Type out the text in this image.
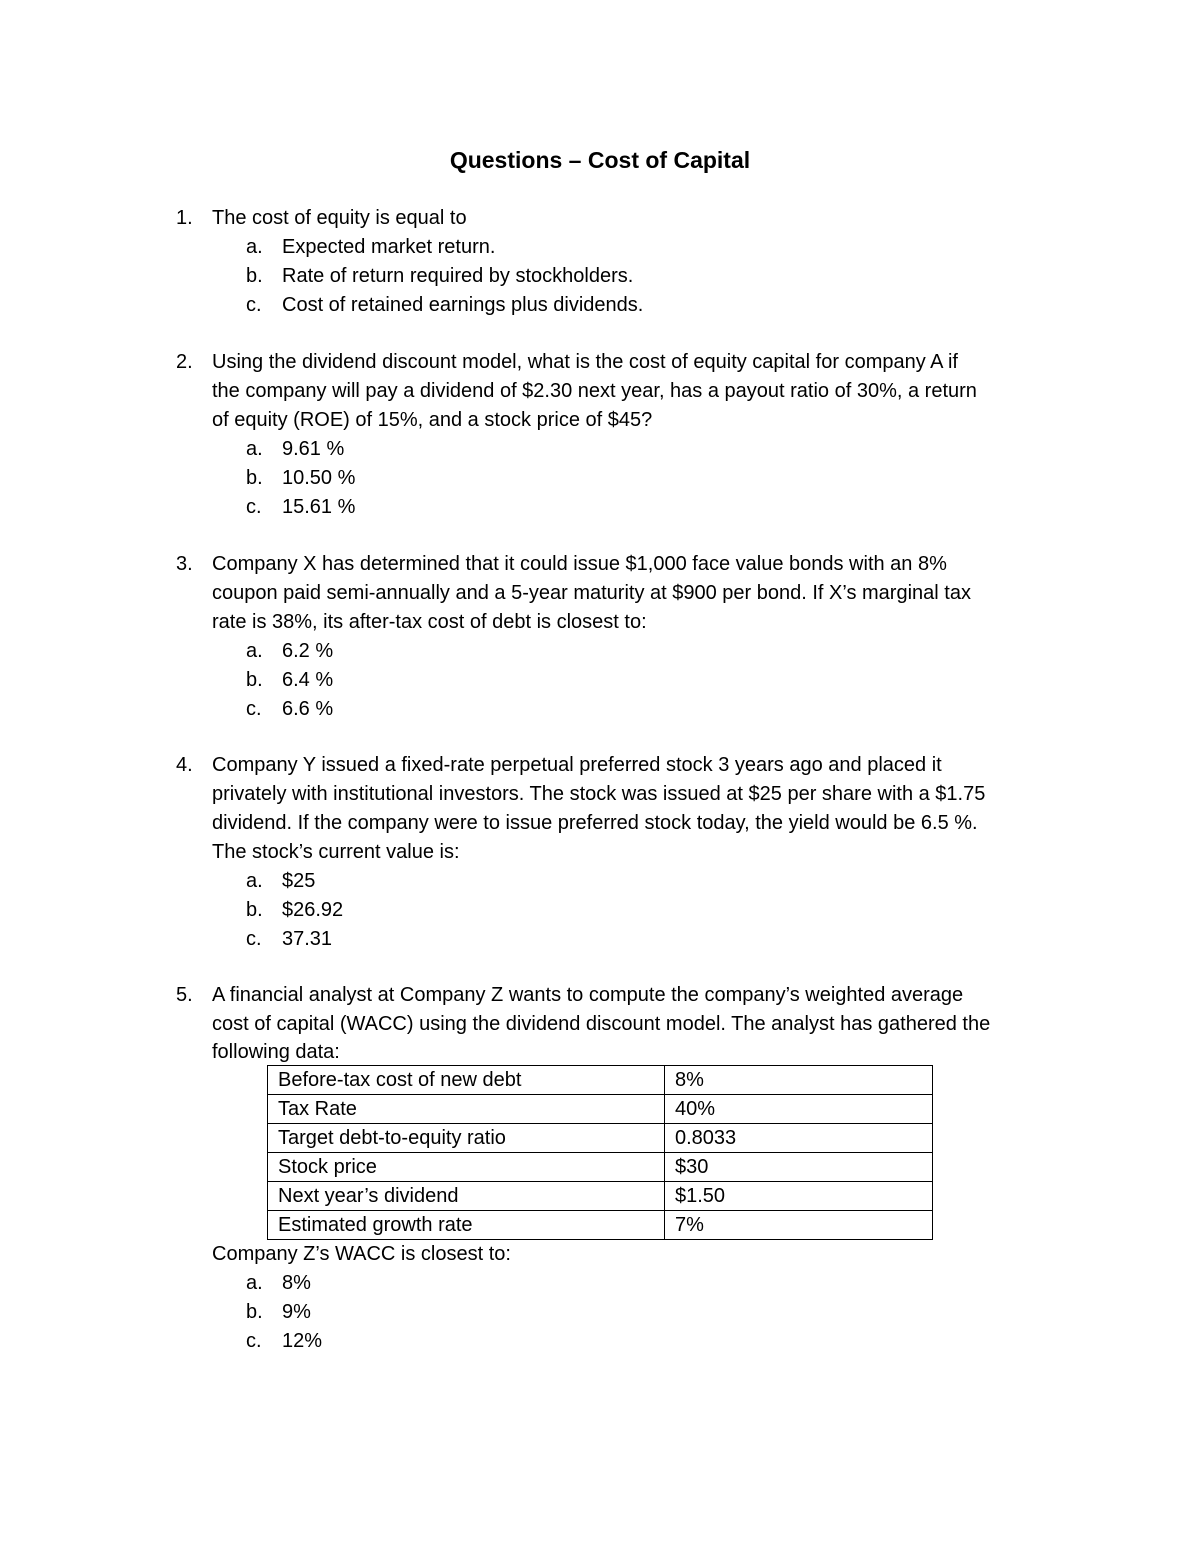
Questions – Cost of Capital
1. The cost of equity is equal to
a. Expected market return.
b. Rate of return required by stockholders.
c. Cost of retained earnings plus dividends.
2. Using the dividend discount model, what is the cost of equity capital for company A if
the company will pay a dividend of $2.30 next year, has a payout ratio of 30%, a return
of equity (ROE) of 15%, and a stock price of $45?
a. 9.61 %
b. 10.50 %
c. 15.61 %
3. Company X has determined that it could issue $1,000 face value bonds with an 8%
coupon paid semi-annually and a 5-year maturity at $900 per bond. If X’s marginal tax
rate is 38%, its after-tax cost of debt is closest to:
a. 6.2 %
b. 6.4 %
c. 6.6 %
4. Company Y issued a fixed-rate perpetual preferred stock 3 years ago and placed it
privately with institutional investors. The stock was issued at $25 per share with a $1.75
dividend. If the company were to issue preferred stock today, the yield would be 6.5 %.
The stock’s current value is:
a. $25
b. $26.92
c. 37.31
5. A financial analyst at Company Z wants to compute the company’s weighted average
cost of capital (WACC) using the dividend discount model. The analyst has gathered the
following data:
Before-tax cost of new debt	8%
Tax Rate	40%
Target debt-to-equity ratio	0.8033
Stock price	$30
Next year’s dividend	$1.50
Estimated growth rate	7%
Company Z’s WACC is closest to:
a. 8%
b. 9%
c. 12%
